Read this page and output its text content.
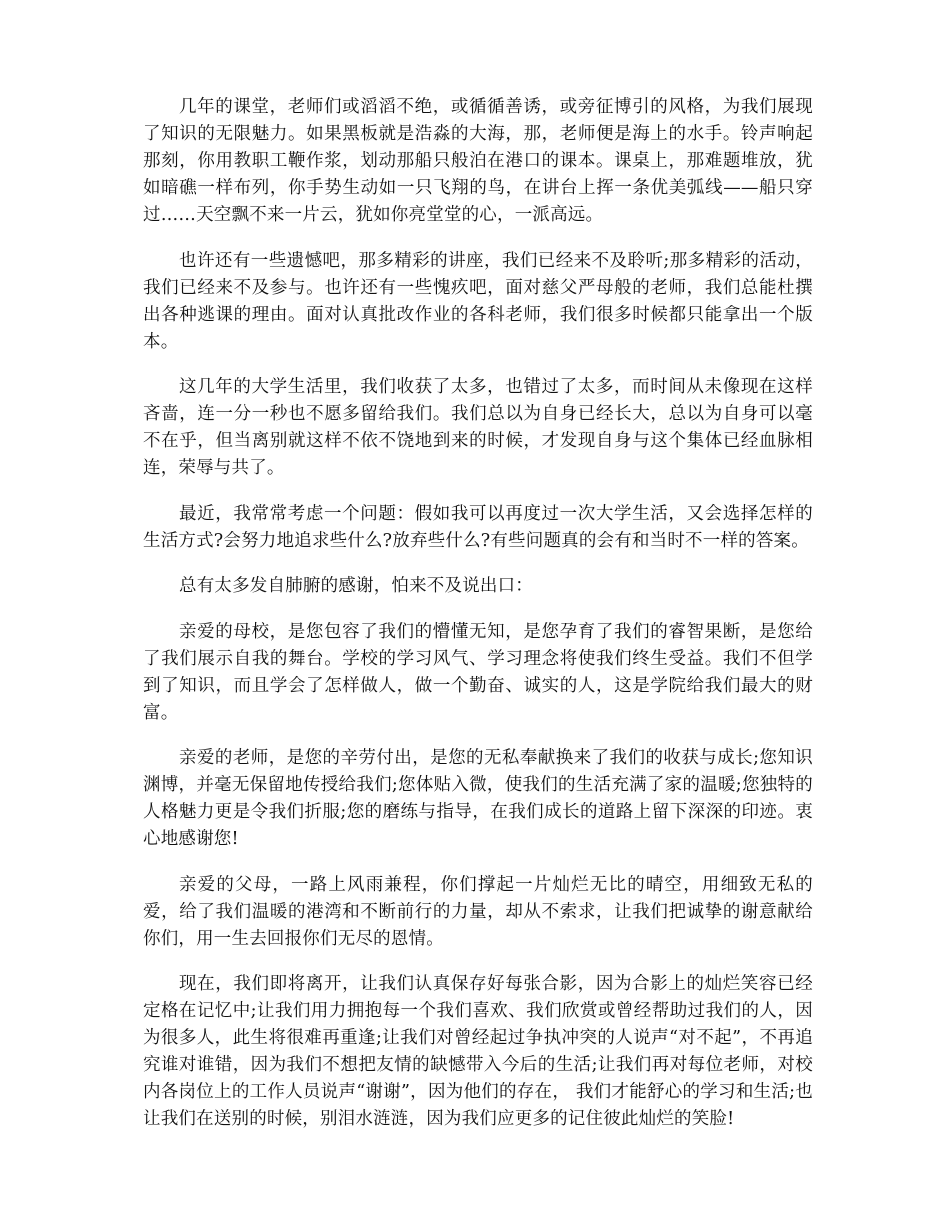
几年的课堂，老师们或滔滔不绝，或循循善诱，或旁征博引的风格，为我们展现了知识的无限魅力。如果黑板就是浩淼的大海，那，老师便是海上的水手。铃声响起那刻，你用教职工鞭作浆，划动那船只般泊在港口的课本。课桌上，那难题堆放，犹如暗礁一样布列，你手势生动如一只飞翔的鸟，在讲台上挥一条优美弧线——船只穿过……天空飘不来一片云，犹如你亮堂堂的心，一派高远。

也许还有一些遗憾吧，那多精彩的讲座，我们已经来不及聆听;那多精彩的活动，我们已经来不及参与。也许还有一些愧疚吧，面对慈父严母般的老师，我们总能杜撰出各种逃课的理由。面对认真批改作业的各科老师，我们很多时候都只能拿出一个版本。

这几年的大学生活里，我们收获了太多，也错过了太多，而时间从未像现在这样吝啬，连一分一秒也不愿多留给我们。我们总以为自身已经长大，总以为自身可以毫不在乎，但当离别就这样不依不饶地到来的时候，才发现自身与这个集体已经血脉相连，荣辱与共了。

最近，我常常考虑一个问题：假如我可以再度过一次大学生活，又会选择怎样的生活方式?会努力地追求些什么?放弃些什么?有些问题真的会有和当时不一样的答案。

总有太多发自肺腑的感谢，怕来不及说出口：

亲爱的母校，是您包容了我们的懵懂无知，是您孕育了我们的睿智果断，是您给了我们展示自我的舞台。学校的学习风气、学习理念将使我们终生受益。我们不但学到了知识，而且学会了怎样做人，做一个勤奋、诚实的人，这是学院给我们最大的财富。

亲爱的老师，是您的辛劳付出，是您的无私奉献换来了我们的收获与成长;您知识渊博，并毫无保留地传授给我们;您体贴入微，使我们的生活充满了家的温暖;您独特的人格魅力更是令我们折服;您的磨练与指导，在我们成长的道路上留下深深的印迹。衷心地感谢您!

亲爱的父母，一路上风雨兼程，你们撑起一片灿烂无比的晴空，用细致无私的爱，给了我们温暖的港湾和不断前行的力量，却从不索求，让我们把诚挚的谢意献给你们，用一生去回报你们无尽的恩情。

现在，我们即将离开，让我们认真保存好每张合影，因为合影上的灿烂笑容已经定格在记忆中;让我们用力拥抱每一个我们喜欢、我们欣赏或曾经帮助过我们的人，因为很多人，此生将很难再重逢;让我们对曾经起过争执冲突的人说声“对不起”，不再追究谁对谁错，因为我们不想把友情的缺憾带入今后的生活;让我们再对每位老师，对校内各岗位上的工作人员说声“谢谢”，因为他们的存在， 我们才能舒心的学习和生活;也让我们在送别的时候，别泪水涟涟，因为我们应更多的记住彼此灿烂的笑脸!
